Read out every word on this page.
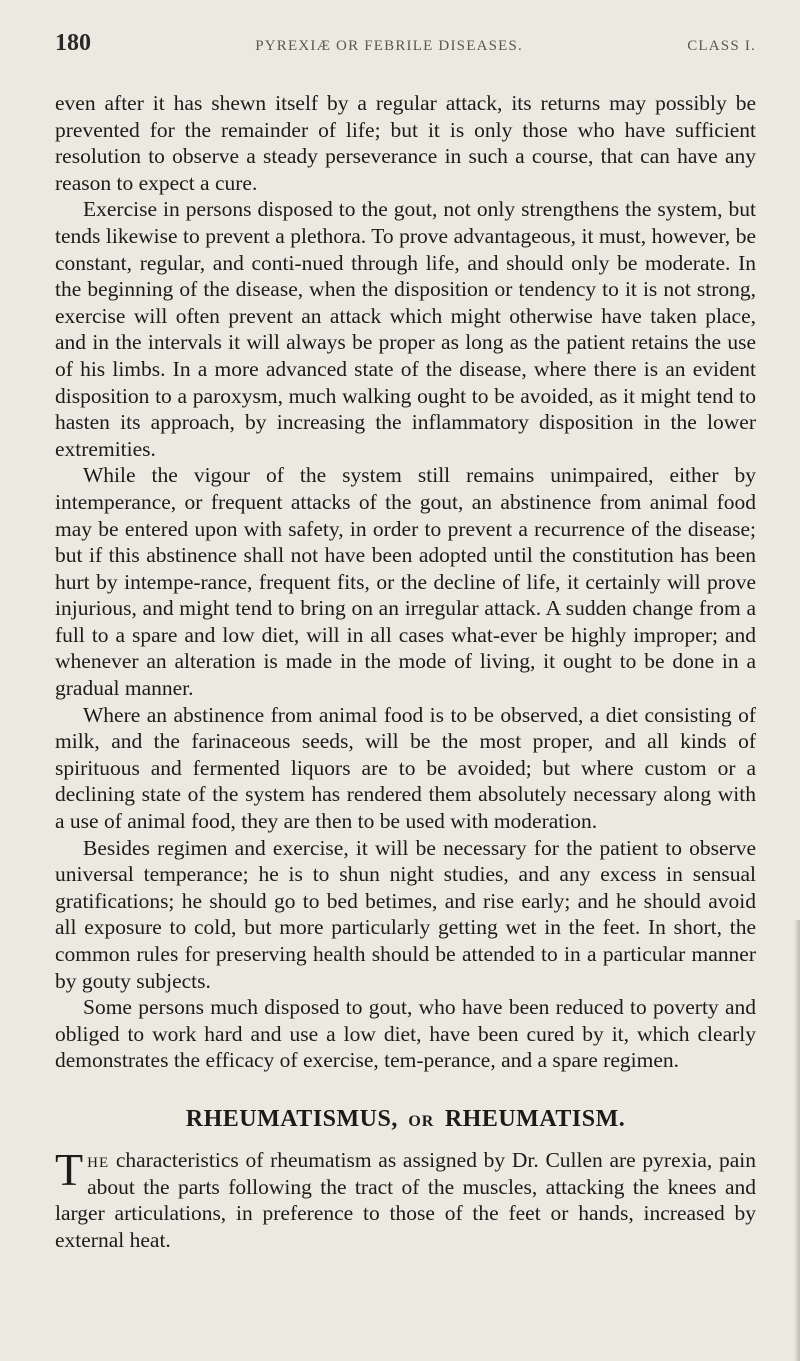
180	PYREXIÆ OR FEBRILE DISEASES.	CLASS I.

even after it has shewn itself by a regular attack, its returns may possibly be prevented for the remainder of life; but it is only those who have sufficient resolution to observe a steady perseverance in such a course, that can have any reason to expect a cure.

Exercise in persons disposed to the gout, not only strengthens the system, but tends likewise to prevent a plethora. To prove advantageous, it must, however, be constant, regular, and conti-nued through life, and should only be moderate. In the beginning of the disease, when the disposition or tendency to it is not strong, exercise will often prevent an attack which might otherwise have taken place, and in the intervals it will always be proper as long as the patient retains the use of his limbs. In a more advanced state of the disease, where there is an evident disposition to a paroxysm, much walking ought to be avoided, as it might tend to hasten its approach, by increasing the inflammatory disposition in the lower extremities.

While the vigour of the system still remains unimpaired, either by intemperance, or frequent attacks of the gout, an abstinence from animal food may be entered upon with safety, in order to prevent a recurrence of the disease; but if this abstinence shall not have been adopted until the constitution has been hurt by intempe-rance, frequent fits, or the decline of life, it certainly will prove injurious, and might tend to bring on an irregular attack. A sudden change from a full to a spare and low diet, will in all cases what-ever be highly improper; and whenever an alteration is made in the mode of living, it ought to be done in a gradual manner.

Where an abstinence from animal food is to be observed, a diet consisting of milk, and the farinaceous seeds, will be the most proper, and all kinds of spirituous and fermented liquors are to be avoided; but where custom or a declining state of the system has rendered them absolutely necessary along with a use of animal food, they are then to be used with moderation.

Besides regimen and exercise, it will be necessary for the patient to observe universal temperance; he is to shun night studies, and any excess in sensual gratifications; he should go to bed betimes, and rise early; and he should avoid all exposure to cold, but more particularly getting wet in the feet. In short, the common rules for preserving health should be attended to in a particular manner by gouty subjects.

Some persons much disposed to gout, who have been reduced to poverty and obliged to work hard and use a low diet, have been cured by it, which clearly demonstrates the efficacy of exercise, tem-perance, and a spare regimen.

RHEUMATISMUS, OR RHEUMATISM.

The characteristics of rheumatism as assigned by Dr. Cullen are pyrexia, pain about the parts following the tract of the muscles, attacking the knees and larger articulations, in preference to those of the feet or hands, increased by external heat.
